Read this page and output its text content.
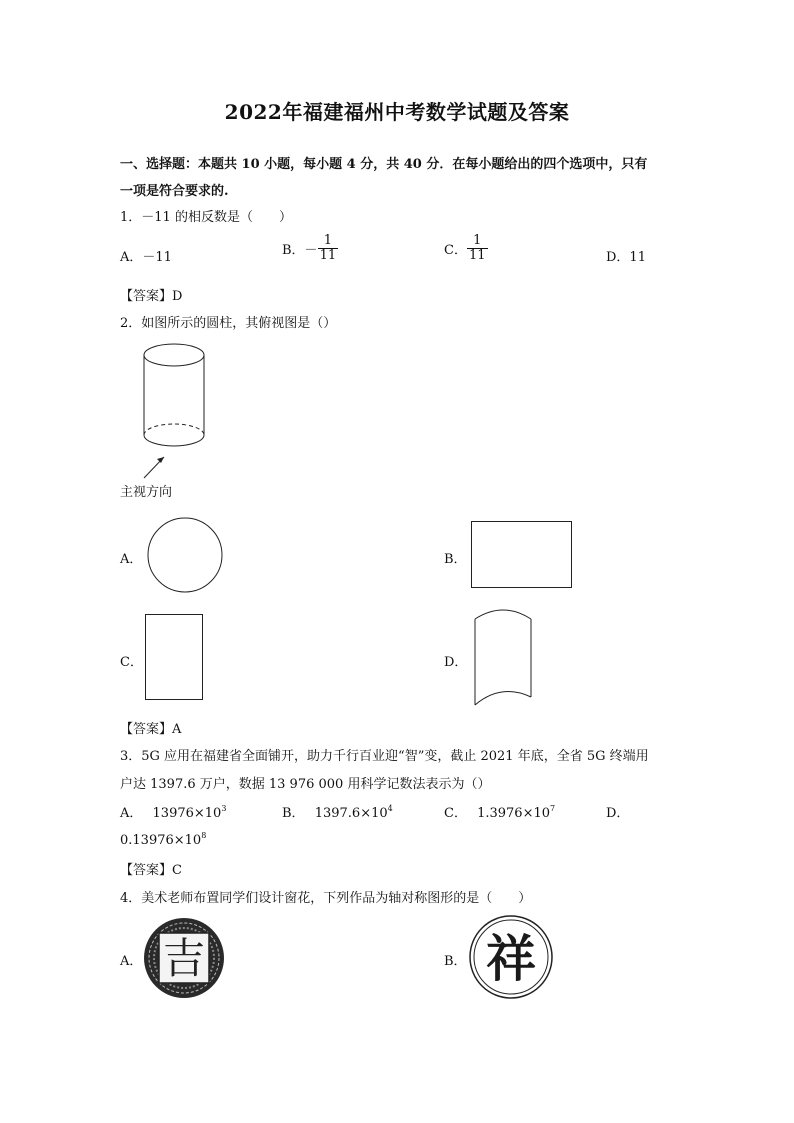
2022年福建福州中考数学试题及答案
一、选择题：本题共 10 小题，每小题 4 分，共 40 分．在每小题给出的四个选项中，只有
一项是符合要求的.
1．－11 的相反数是（　　）
A．－11	B．－ $\frac{1}{11}$	C． $\frac{1}{11}$	D．11
【答案】D
2．如图所示的圆柱，其俯视图是（）
主视方向
A．	B．
C．	D．
【答案】A
3．5G 应用在福建省全面铺开，助力千行百业迎“智”变，截止 2021 年底，全省 5G 终端用
户达 1397.6 万户，数据 13 976 000 用科学记数法表示为（）
A． $13976\times 10^3$	B． $1397.6\times 10^4$	C． $1.3976\times 10^7$	D．
$0.13976\times 10^8$
【答案】C
4．美术老师布置同学们设计窗花，下列作品为轴对称图形的是（　　）
A． 吉	B． 祥
